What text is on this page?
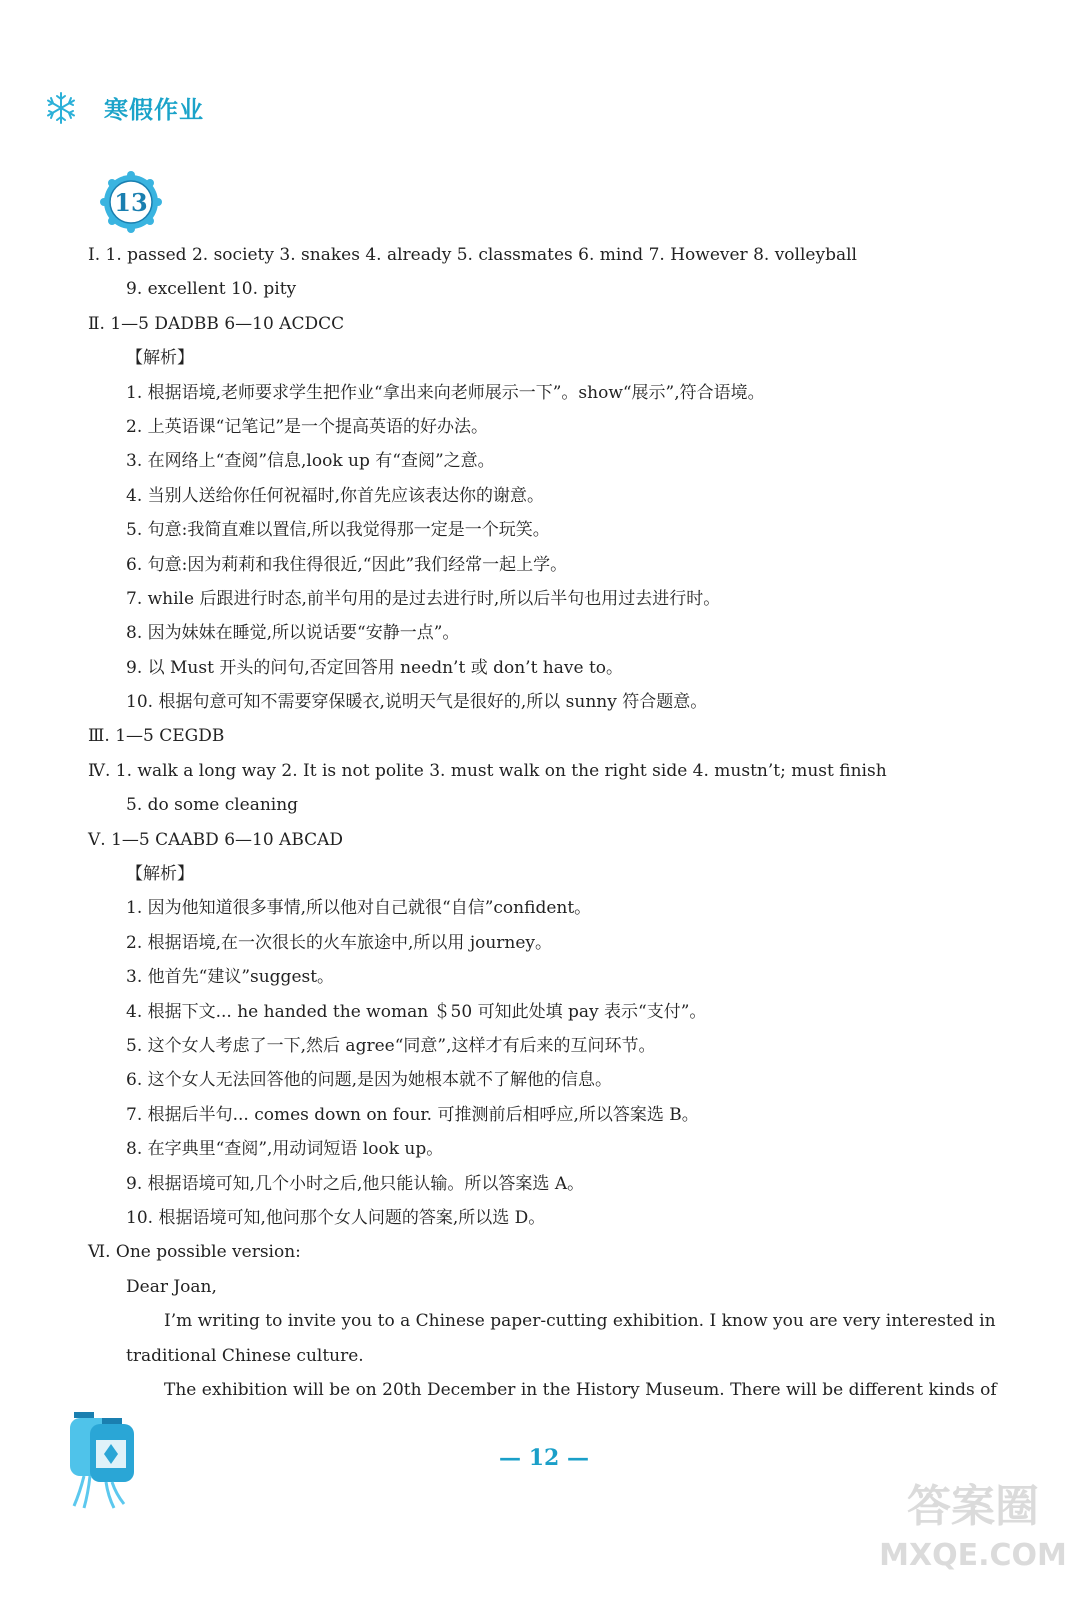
寒假作业
13
Ⅰ. 1. passed 2. society 3. snakes 4. already 5. classmates 6. mind 7. However 8. volleyball
9. excellent 10. pity
Ⅱ. 1—5 DADBB 6—10 ACDCC
【解析】
1. 根据语境,老师要求学生把作业“拿出来向老师展示一下”。show“展示”,符合语境。
2. 上英语课“记笔记”是一个提高英语的好办法。
3. 在网络上“查阅”信息,look up 有“查阅”之意。
4. 当别人送给你任何祝福时,你首先应该表达你的谢意。
5. 句意:我简直难以置信,所以我觉得那一定是一个玩笑。
6. 句意:因为莉莉和我住得很近,“因此”我们经常一起上学。
7. while 后跟进行时态,前半句用的是过去进行时,所以后半句也用过去进行时。
8. 因为妹妹在睡觉,所以说话要“安静一点”。
9. 以 Must 开头的问句,否定回答用 needn’t 或 don’t have to。
10. 根据句意可知不需要穿保暖衣,说明天气是很好的,所以 sunny 符合题意。
Ⅲ. 1—5 CEGDB
Ⅳ. 1. walk a long way 2. It is not polite 3. must walk on the right side 4. mustn’t; must finish
5. do some cleaning
Ⅴ. 1—5 CAABD 6—10 ABCAD
【解析】
1. 因为他知道很多事情,所以他对自己就很“自信”confident。
2. 根据语境,在一次很长的火车旅途中,所以用 journey。
3. 他首先“建议”suggest。
4. 根据下文... he handed the woman ＄50 可知此处填 pay 表示“支付”。
5. 这个女人考虑了一下,然后 agree“同意”,这样才有后来的互问环节。
6. 这个女人无法回答他的问题,是因为她根本就不了解他的信息。
7. 根据后半句... comes down on four. 可推测前后相呼应,所以答案选 B。
8. 在字典里“查阅”,用动词短语 look up。
9. 根据语境可知,几个小时之后,他只能认输。所以答案选 A。
10. 根据语境可知,他问那个女人问题的答案,所以选 D。
Ⅵ. One possible version:
Dear Joan,
I’m writing to invite you to a Chinese paper-cutting exhibition. I know you are very interested in
traditional Chinese culture.
The exhibition will be on 20th December in the History Museum. There will be different kinds of
— 12 —
答案圈
MXQE.COM
